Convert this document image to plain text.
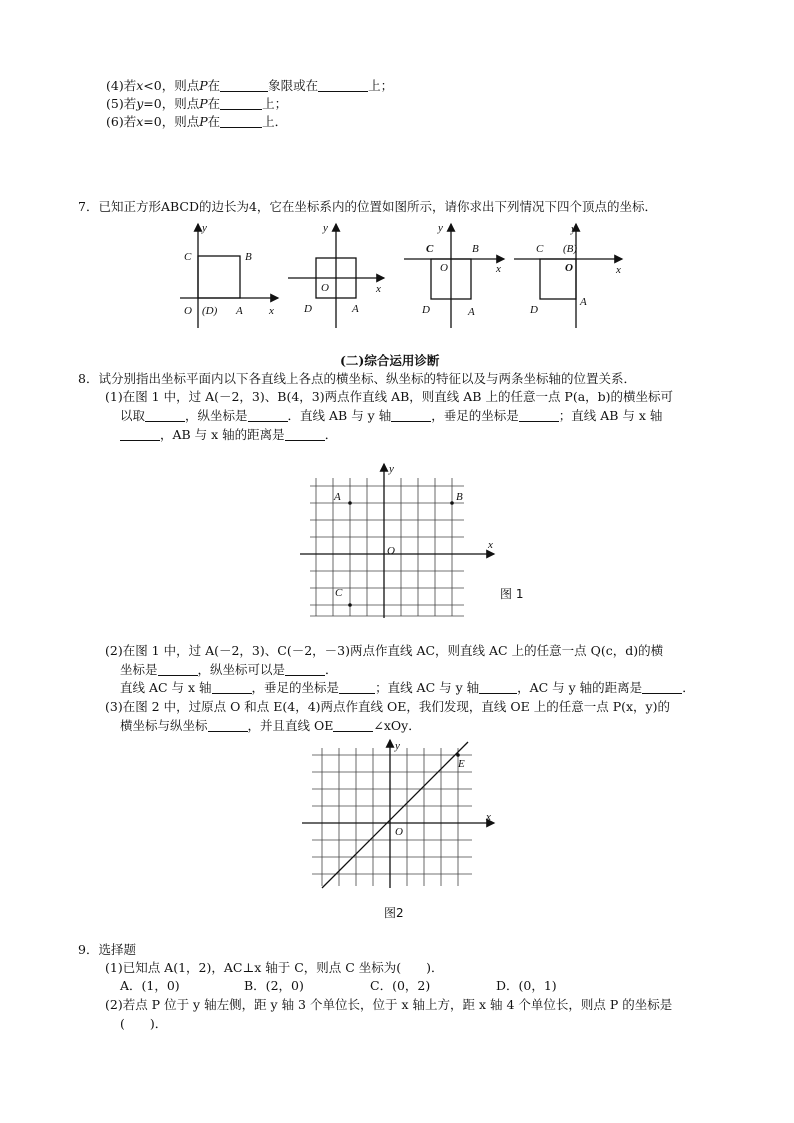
(4)若x<0，则点P在	象限或在	上；
(5)若y=0，则点P在	上；
(6)若x=0，则点P在	上．
7．已知正方形ABCD的边长为4，它在坐标系内的位置如图所示，请你求出下列情况下四个顶点的坐标．
y
x
C	B
O (D) A
y
x
O
D	A
y
x
C	B
O
D	A
y
x
C (B)
O
D
A
(二)综合运用诊断
8．试分别指出坐标平面内以下各直线上各点的横坐标、纵坐标的特征以及与两条坐标轴的位置关系．
(1)在图 1 中，过 A(－2，3)、B(4，3)两点作直线 AB，则直线 AB 上的任意一点 P(a，b)的横坐标可
以取	，纵坐标是	．直线 AB 与 y 轴	，垂足的坐标是	；直线 AB 与 x 轴
，AB 与 x 轴的距离是	．
y
x
A	B
O
C	图 1
(2)在图 1 中，过 A(－2，3)、C(－2，－3)两点作直线 AC，则直线 AC 上的任意一点 Q(c，d)的横
坐标是	，纵坐标可以是	．
直线 AC 与 x 轴	，垂足的坐标是	；直线 AC 与 y 轴	，AC 与 y 轴的距离是	．
(3)在图 2 中，过原点 O 和点 E(4，4)两点作直线 OE，我们发现，直线 OE 上的任意一点 P(x，y)的
横坐标与纵坐标	，并且直线 OE	∠xOy．
y
x
E
O
图2
9．选择题
(1)已知点 A(1，2)，AC⊥x 轴于 C，则点 C 坐标为(　　)．
A．(1，0)	B．(2，0)	C．(0，2)	D．(0，1)
(2)若点 P 位于 y 轴左侧，距 y 轴 3 个单位长，位于 x 轴上方，距 x 轴 4 个单位长，则点 P 的坐标是
(　　)．
